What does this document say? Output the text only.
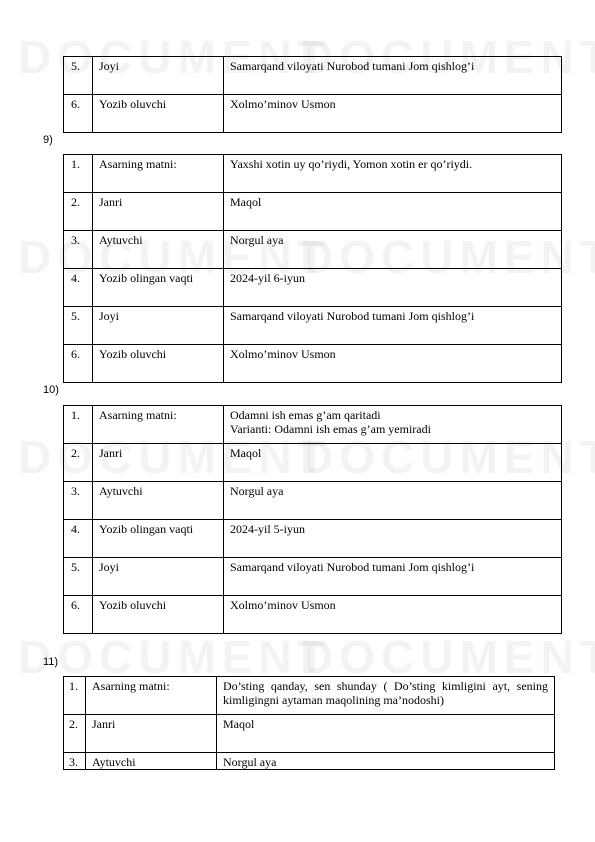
5.	Joyi	Samarqand viloyati Nurobod tumani Jom qishlog’i
6.	Yozib oluvchi	Xolmo’minov Usmon
9)
1.	Asarning matni:	Yaxshi xotin uy qo’riydi, Yomon xotin er qo’riydi.
2.	Janri	Maqol
3.	Aytuvchi	Norgul aya
4.	Yozib olingan vaqti	2024-yil 6-iyun
5.	Joyi	Samarqand viloyati Nurobod tumani Jom qishlog’i
6.	Yozib oluvchi	Xolmo’minov Usmon
10)
1.	Asarning matni:	Odamni ish emas g’am qaritadi
Varianti: Odamni ish emas g’am yemiradi

2.	Janri	Maqol
3.	Aytuvchi	Norgul aya
4.	Yozib olingan vaqti	2024-yil 5-iyun
5.	Joyi	Samarqand viloyati Nurobod tumani Jom qishlog’i
6.	Yozib oluvchi	Xolmo’minov Usmon
11)
1.	Asarning matni:	Do’sting qanday, sen shunday ( Do’sting kimligini ayt, sening kimligingni aytaman maqolining ma’nodoshi)
2.	Janri	Maqol
3.	Aytuvchi	Norgul aya
